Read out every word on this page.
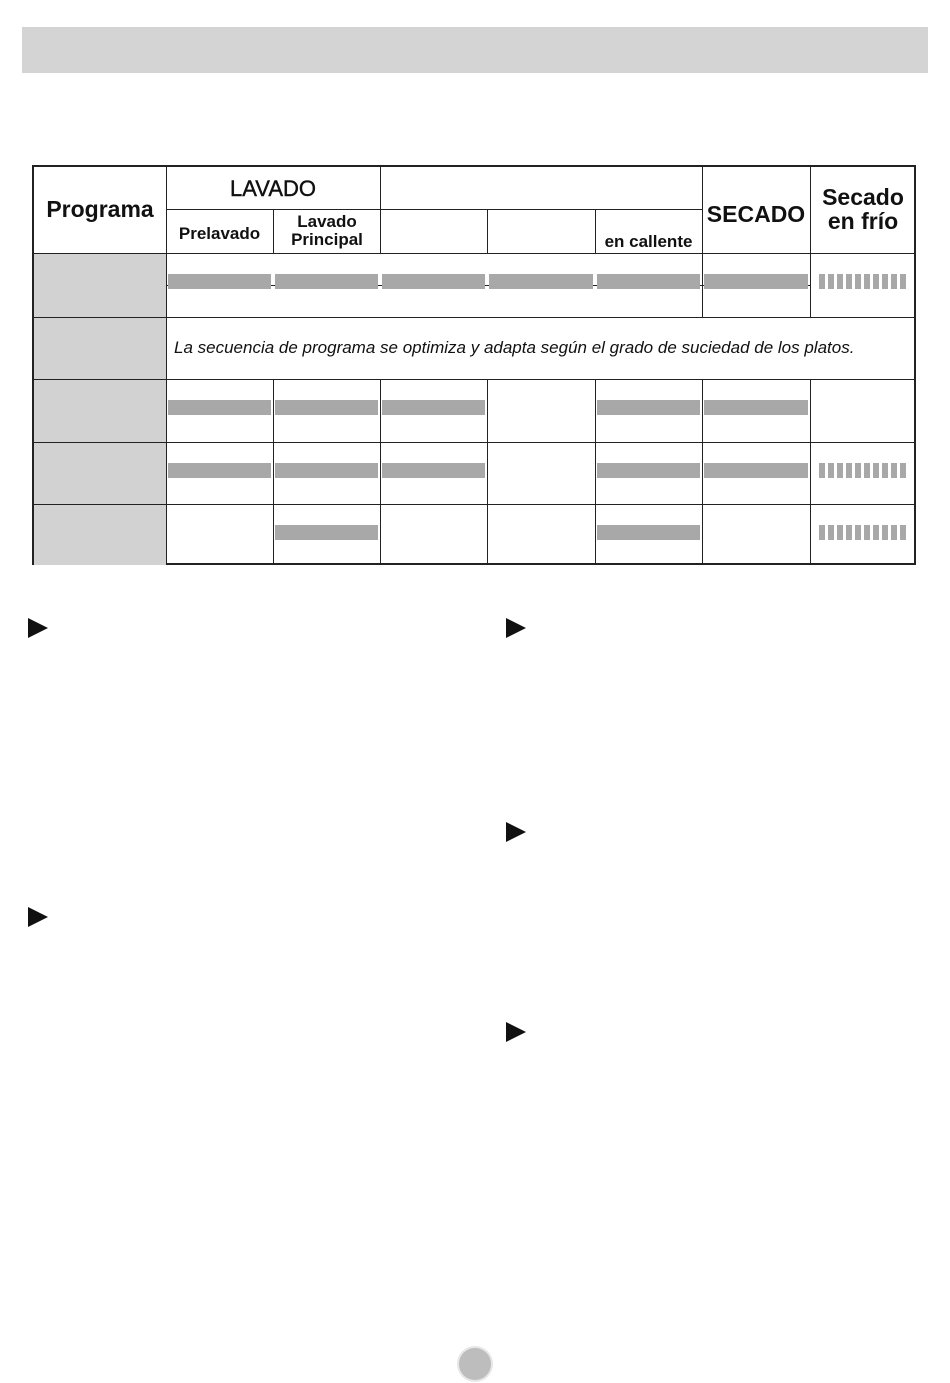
Programa
LAVADO
Prelavado
Lavado
Principal	en callente
SECADO
Secado
en frío
La secuencia de programa se optimiza y adapta según el grado de suciedad de los platos.
